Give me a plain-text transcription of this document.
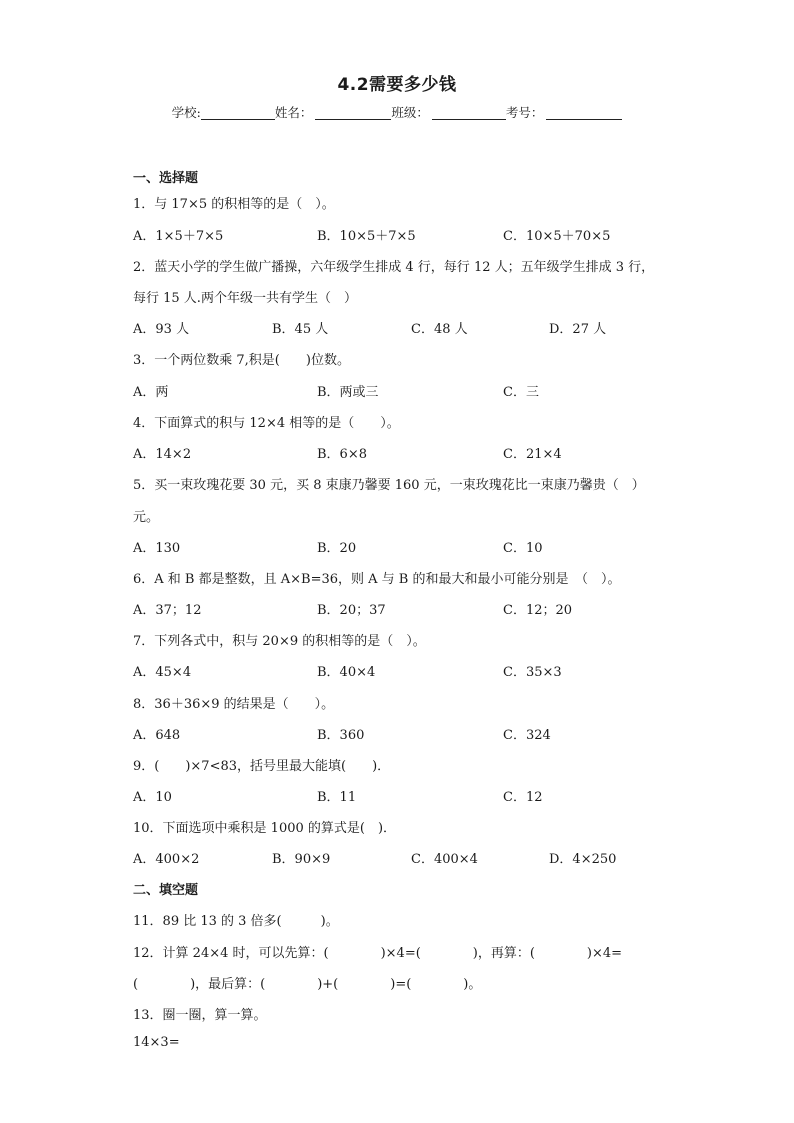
4.2需要多少钱
学校:	姓名：	班级：	考号：
一、选择题
1．与 17×5 的积相等的是（　）。
A．1×5＋7×5	B．10×5＋7×5	C．10×5＋70×5
2．蓝天小学的学生做广播操，六年级学生排成 4 行，每行 12 人；五年级学生排成 3 行，
每行 15 人.两个年级一共有学生（　）
A．93 人	B．45 人	C．48 人	D．27 人
3．一个两位数乘 7,积是(　　)位数。
A．两	B．两或三	C．三
4．下面算式的积与 12×4 相等的是（　　）。
A．14×2	B．6×8	C．21×4
5．买一束玫瑰花要 30 元，买 8 束康乃馨要 160 元，一束玫瑰花比一束康乃馨贵（　）
元。
A．130	B．20	C．10
6．A 和 B 都是整数，且 A×B=36，则 A 与 B 的和最大和最小可能分别是　（　）。
A．37；12	B．20；37	C．12；20
7．下列各式中，积与 20×9 的积相等的是（　）。
A．45×4	B．40×4	C．35×3
8．36＋36×9 的结果是（　　）。
A．648	B．360	C．324
9．(　　)×7<83，括号里最大能填(　　)．
A．10	B．11	C．12
10．下面选项中乘积是 1000 的算式是(　)．
A．400×2	B．90×9	C．400×4	D．4×250
二、填空题
11．89 比 13 的 3 倍多(　　　)。
12．计算 24×4 时，可以先算：(　　　　)×4=(　　　　)，再算：(　　　　)×4=
(　　　　)，最后算：(　　　　)+(　　　　)=(　　　　)。
13．圈一圈，算一算。
14×3=
